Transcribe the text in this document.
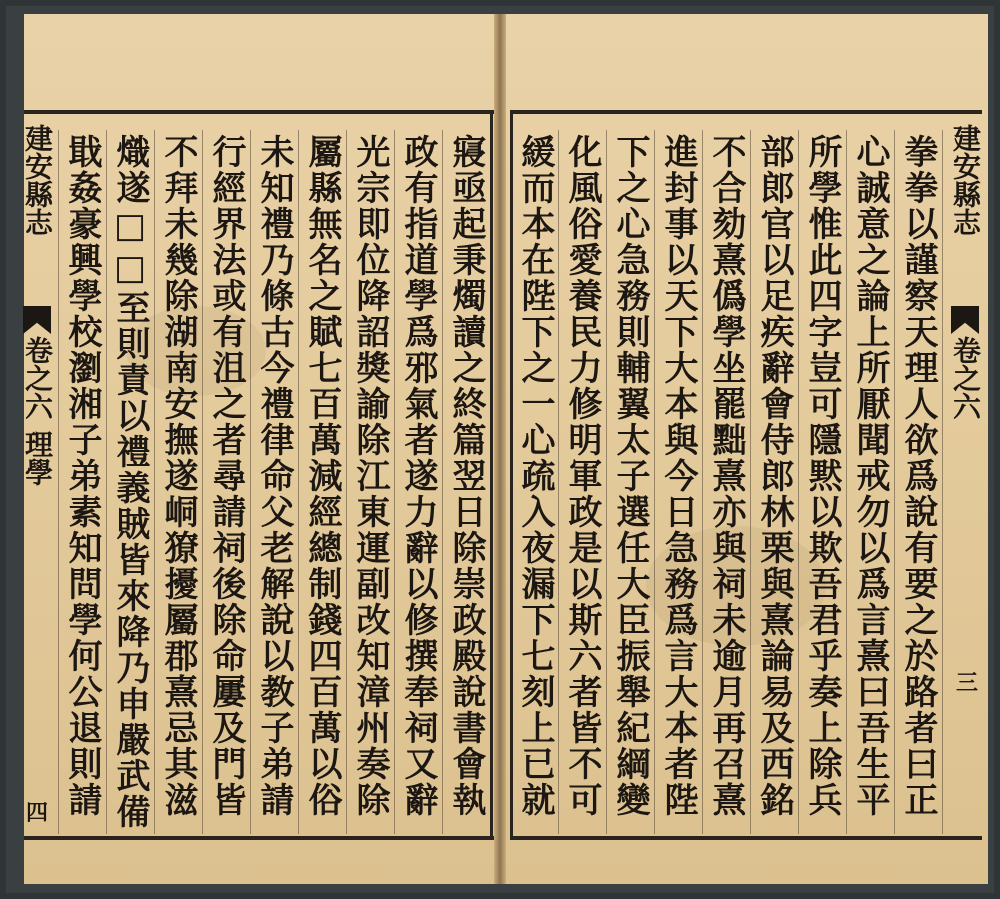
建安縣志
卷之六
三
建安縣志
卷之六 理學
四	拳拳以謹察天理人欲爲說有要之於路者曰正
心誠意之論上所厭聞戒勿以爲言熹曰吾生平
所學惟此四字豈可隱黙以欺吾君乎奏上除兵
部郎官以足疾辭會侍郎林栗與熹論易及西銘
不合劾熹僞學坐罷黜熹亦與祠未逾月再召熹
進封事以天下大本與今日急務爲言大本者陛
下之心急務則輔翼太子選任大臣振舉紀綱變
化風俗愛養民力修明軍政是以斯六者皆不可
緩而本在陛下之一心疏入夜漏下七刻上已就
寢亟起秉燭讀之終篇翌日除崇政殿說書會執
政有指道學爲邪氣者遂力辭以修撰奉祠又辭
光宗即位降詔獎諭除江東運副改知漳州奏除
屬縣無名之賦七百萬減經總制錢四百萬以俗
未知禮乃條古今禮律命父老解說以教子弟請
行經界法或有沮之者尋請祠後除命屢及門皆
不拜未幾除湖南安撫遂峒獠擾屬郡熹忌其滋
熾遂□□至則責以禮義賊皆來降乃申嚴武備
戢姦豪興學校瀏湘子弟素知問學何公退則請
